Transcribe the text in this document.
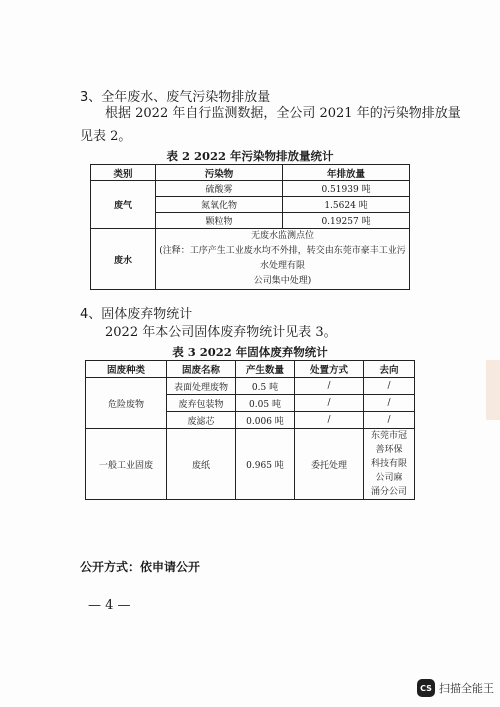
3、全年废水、废气污染物排放量
根据 2022 年自行监测数据，全公司 2021 年的污染物排放量
见表 2。
表 2 2022 年污染物排放量统计
类别	污染物	年排放量
废气	硫酸雾	0.51939 吨
	氮氧化物	1.5624 吨
	颗粒物	0.19257 吨
废水	无废水监测点位
(注释：工序产生工业废水均不外排，转交由东莞市豪丰工业污水处理有限
公司集中处理)	
4、固体废弃物统计
2022 年本公司固体废弃物统计见表 3。
表 3 2022 年固体废弃物统计
固废种类	固废名称	产生数量	处置方式	去向
危险废物	表面处理废物	0.5 吨	/	/
	废弃包装物	0.05 吨	/	/
	废滤芯	0.006 吨	/	/
一般工业固废	废纸	0.965 吨	委托处理	东莞市冠善环保
科技有限公司麻
涌分公司
公开方式：依申请公开
— 4 —
CS 扫描全能王
